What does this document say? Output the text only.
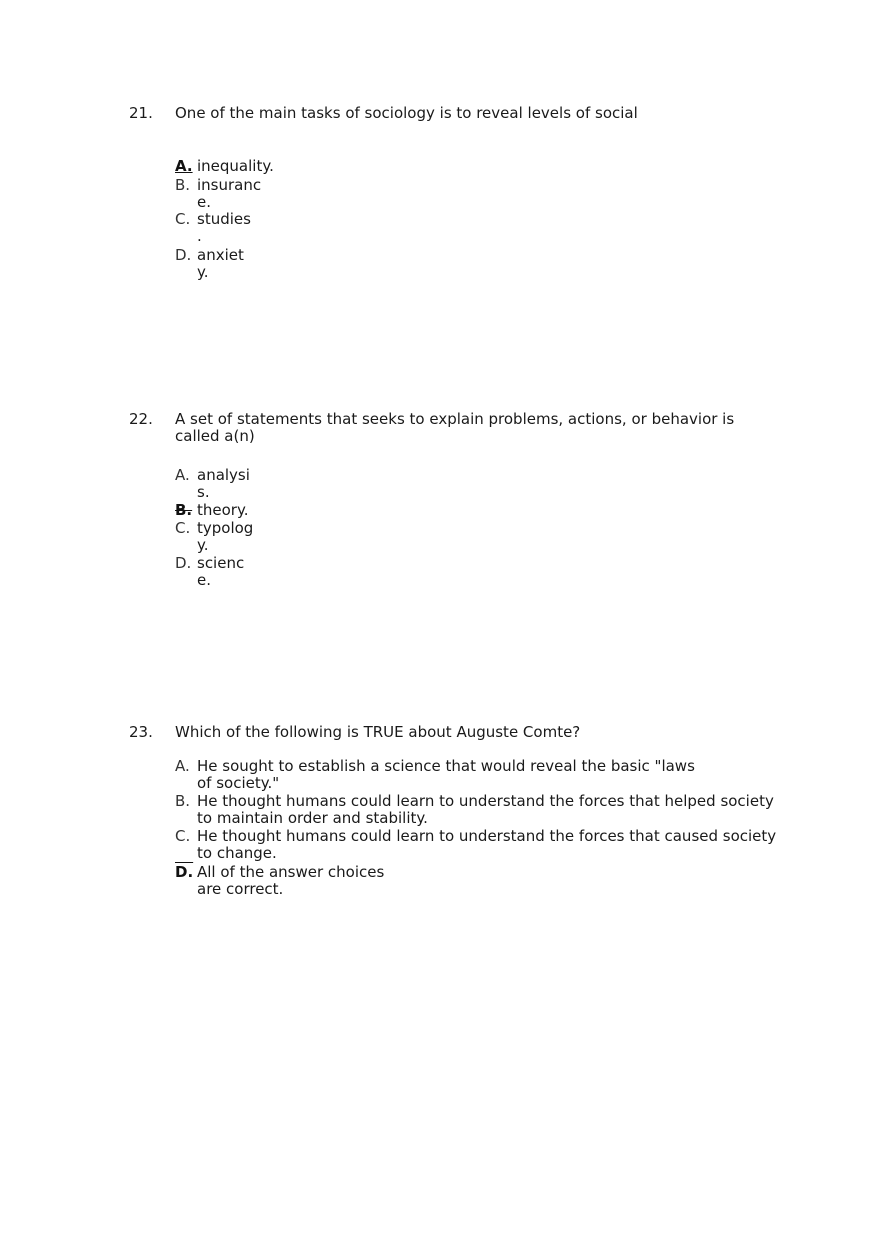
21. One of the main tasks of sociology is to reveal levels of social
A. inequality.
B. insuranc
e.
C. studies
.
D. anxiet
y.
22. A set of statements that seeks to explain problems, actions, or behavior is called a(n)
A. analysi
s.
B. theory.
C. typolog
y.
D. scienc
e.
23. Which of the following is TRUE about Auguste Comte?
A. He sought to establish a science that would reveal the basic "laws of society."
B. He thought humans could learn to understand the forces that helped society to maintain order and stability.
C. He thought humans could learn to understand the forces that caused society to change.
D. All of the answer choices are correct.
